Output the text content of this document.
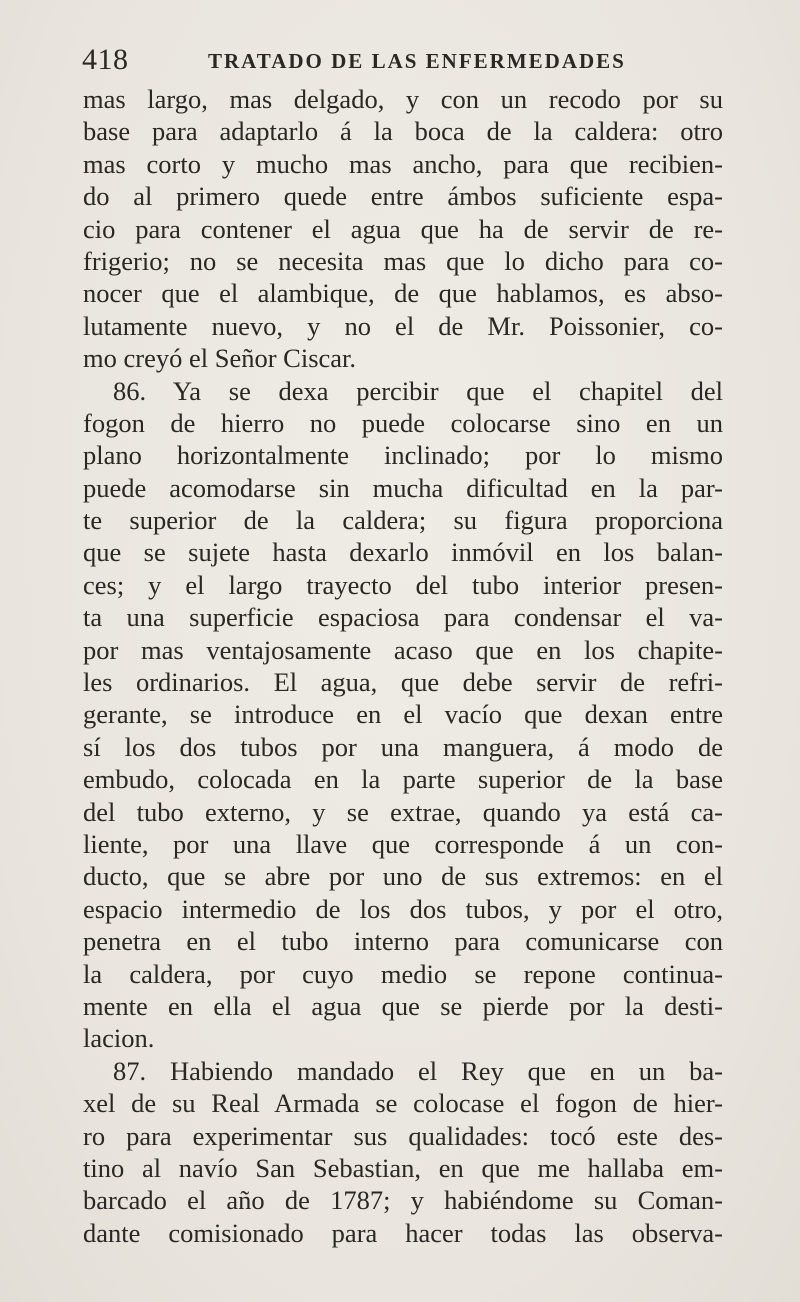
418	TRATADO DE LAS ENFERMEDADES
mas largo, mas delgado, y con un recodo por su
base para adaptarlo á la boca de la caldera: otro
mas corto y mucho mas ancho, para que recibien-
do al primero quede entre ámbos suficiente espa-
cio para contener el agua que ha de servir de re-
frigerio; no se necesita mas que lo dicho para co-
nocer que el alambique, de que hablamos, es abso-
lutamente nuevo, y no el de Mr. Poissonier, co-
mo creyó el Señor Ciscar.
86. Ya se dexa percibir que el chapitel del
fogon de hierro no puede colocarse sino en un
plano horizontalmente inclinado; por lo mismo
puede acomodarse sin mucha dificultad en la par-
te superior de la caldera; su figura proporciona
que se sujete hasta dexarlo inmóvil en los balan-
ces; y el largo trayecto del tubo interior presen-
ta una superficie espaciosa para condensar el va-
por mas ventajosamente acaso que en los chapite-
les ordinarios. El agua, que debe servir de refri-
gerante, se introduce en el vacío que dexan entre
sí los dos tubos por una manguera, á modo de
embudo, colocada en la parte superior de la base
del tubo externo, y se extrae, quando ya está ca-
liente, por una llave que corresponde á un con-
ducto, que se abre por uno de sus extremos: en el
espacio intermedio de los dos tubos, y por el otro,
penetra en el tubo interno para comunicarse con
la caldera, por cuyo medio se repone continua-
mente en ella el agua que se pierde por la desti-
lacion.
87. Habiendo mandado el Rey que en un ba-
xel de su Real Armada se colocase el fogon de hier-
ro para experimentar sus qualidades: tocó este des-
tino al navío San Sebastian, en que me hallaba em-
barcado el año de 1787; y habiéndome su Coman-
dante comisionado para hacer todas las observa-
